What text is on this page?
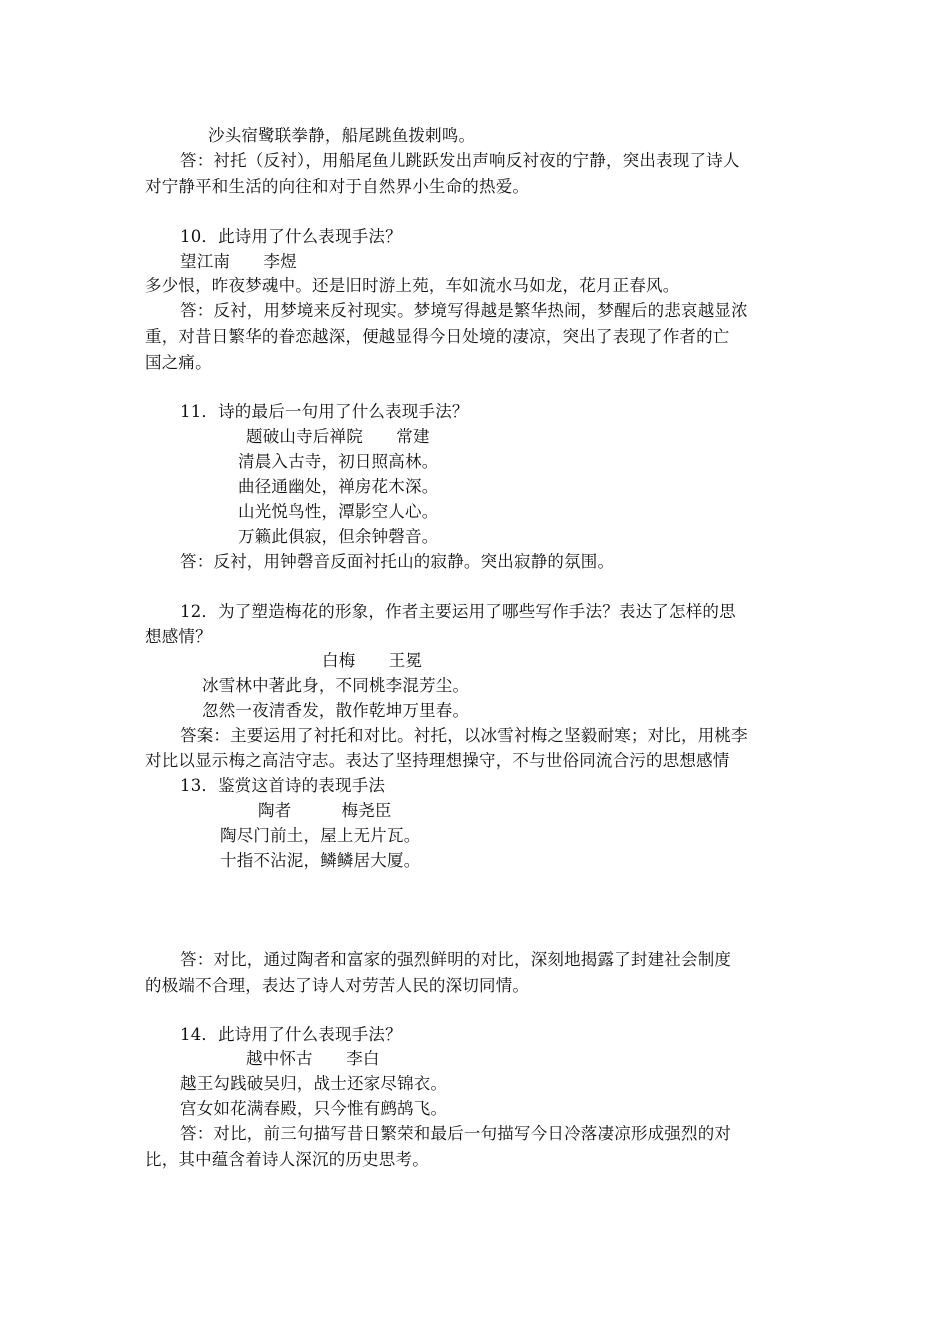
沙头宿鹭联拳静，船尾跳鱼拨剌鸣。
答：衬托（反衬），用船尾鱼儿跳跃发出声响反衬夜的宁静，突出表现了诗人
对宁静平和生活的向往和对于自然界小生命的热爱。
10．此诗用了什么表现手法？
望江南　　李煜
多少恨，昨夜梦魂中。还是旧时游上苑，车如流水马如龙，花月正春风。
答：反衬，用梦境来反衬现实。梦境写得越是繁华热闹，梦醒后的悲哀越显浓
重，对昔日繁华的眷恋越深，便越显得今日处境的凄凉，突出了表现了作者的亡
国之痛。
11．诗的最后一句用了什么表现手法？
题破山寺后禅院　　常建
清晨入古寺，初日照高林。
曲径通幽处，禅房花木深。
山光悦鸟性，潭影空人心。
万籁此俱寂，但余钟磬音。
答：反衬，用钟磬音反面衬托山的寂静。突出寂静的氛围。
12．为了塑造梅花的形象，作者主要运用了哪些写作手法？表达了怎样的思
想感情？
白梅　　王冕
冰雪林中著此身，不同桃李混芳尘。
忽然一夜清香发，散作乾坤万里春。
答案：主要运用了衬托和对比。衬托，以冰雪衬梅之坚毅耐寒；对比，用桃李
对比以显示梅之高洁守志。表达了坚持理想操守，不与世俗同流合污的思想感情
13．鉴赏这首诗的表现手法
陶者　　　梅尧臣
陶尽门前土，屋上无片瓦。
十指不沾泥，鳞鳞居大厦。
答：对比，通过陶者和富家的强烈鲜明的对比，深刻地揭露了封建社会制度
的极端不合理，表达了诗人对劳苦人民的深切同情。
14．此诗用了什么表现手法？
越中怀古　　李白
越王勾践破吴归，战士还家尽锦衣。
宫女如花满春殿，只今惟有鹧鸪飞。
答：对比，前三句描写昔日繁荣和最后一句描写今日冷落凄凉形成强烈的对
比，其中蕴含着诗人深沉的历史思考。
